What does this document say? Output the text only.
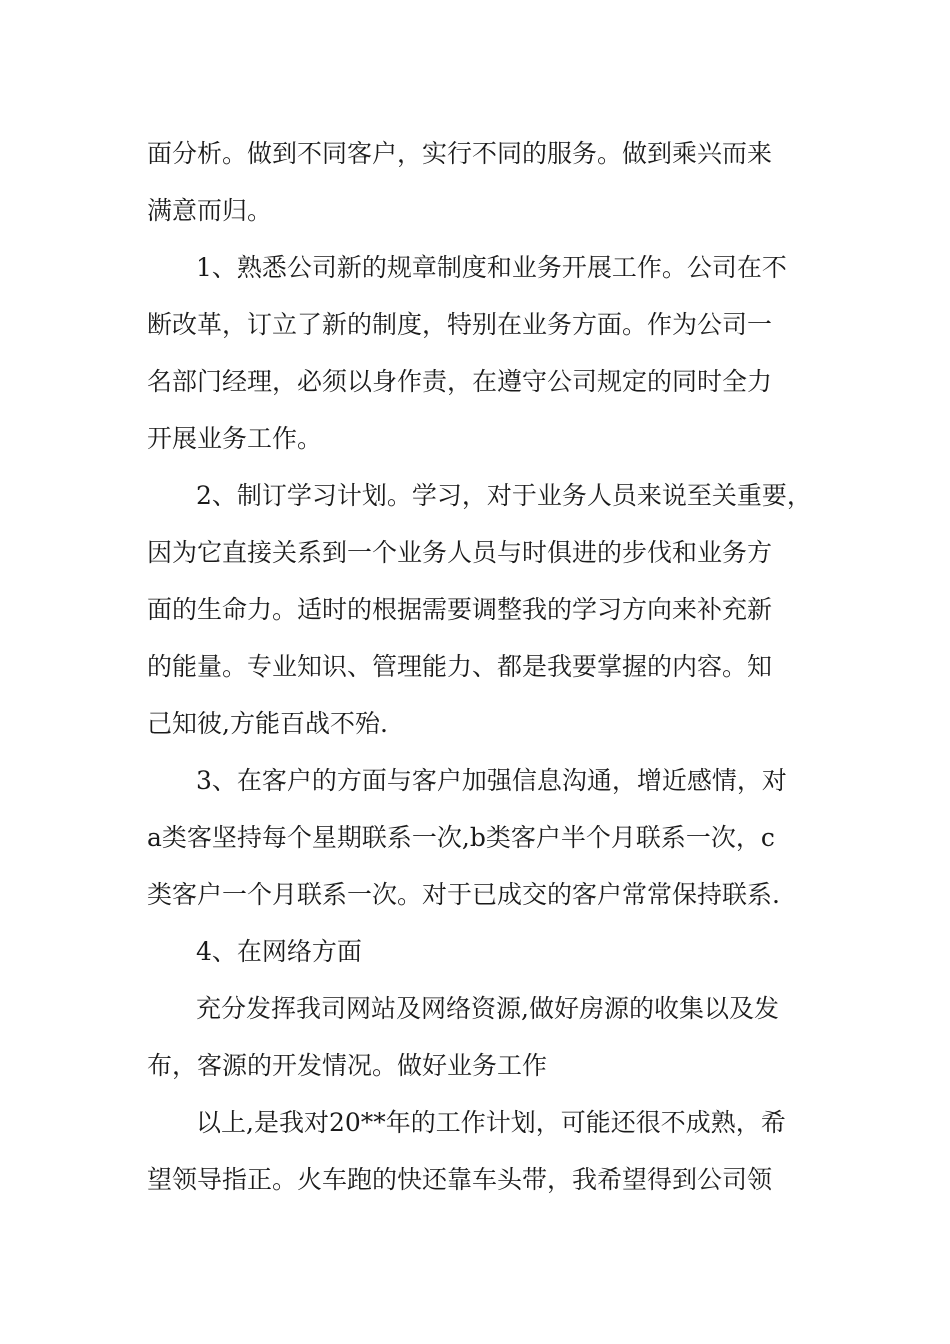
面分析。做到不同客户，实行不同的服务。做到乘兴而来
满意而归。
1、熟悉公司新的规章制度和业务开展工作。公司在不
断改革，订立了新的制度，特别在业务方面。作为公司一
名部门经理，必须以身作责，在遵守公司规定的同时全力
开展业务工作。
2、制订学习计划。学习，对于业务人员来说至关重要，
因为它直接关系到一个业务人员与时俱进的步伐和业务方
面的生命力。适时的根据需要调整我的学习方向来补充新
的能量。专业知识、管理能力、都是我要掌握的内容。知
己知彼,方能百战不殆.
3、在客户的方面与客户加强信息沟通，增近感情，对
a类客坚持每个星期联系一次,b类客户半个月联系一次，c
类客户一个月联系一次。对于已成交的客户常常保持联系.
4、在网络方面
充分发挥我司网站及网络资源,做好房源的收集以及发
布，客源的开发情况。做好业务工作
以上,是我对20**年的工作计划，可能还很不成熟，希
望领导指正。火车跑的快还靠车头带，我希望得到公司领
